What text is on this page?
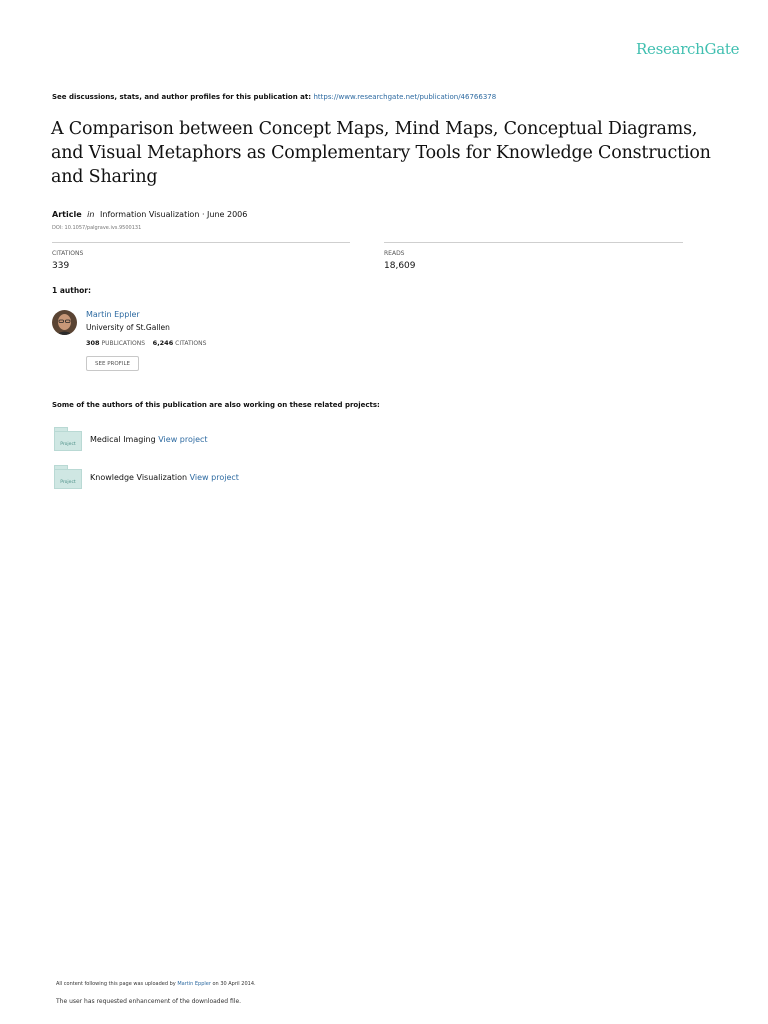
ResearchGate
See discussions, stats, and author profiles for this publication at: https://www.researchgate.net/publication/46766378
A Comparison between Concept Maps, Mind Maps, Conceptual Diagrams, and Visual Metaphors as Complementary Tools for Knowledge Construction and Sharing
Article in Information Visualization · June 2006
DOI: 10.1057/palgrave.ivs.9500131
CITATIONS
339
READS
18,609
1 author:
Martin Eppler
University of St.Gallen
308 PUBLICATIONS 6,246 CITATIONS
SEE PROFILE
Some of the authors of this publication are also working on these related projects:
Project
Medical Imaging View project
Project
Knowledge Visualization View project
All content following this page was uploaded by Martin Eppler on 30 April 2014.
The user has requested enhancement of the downloaded file.
